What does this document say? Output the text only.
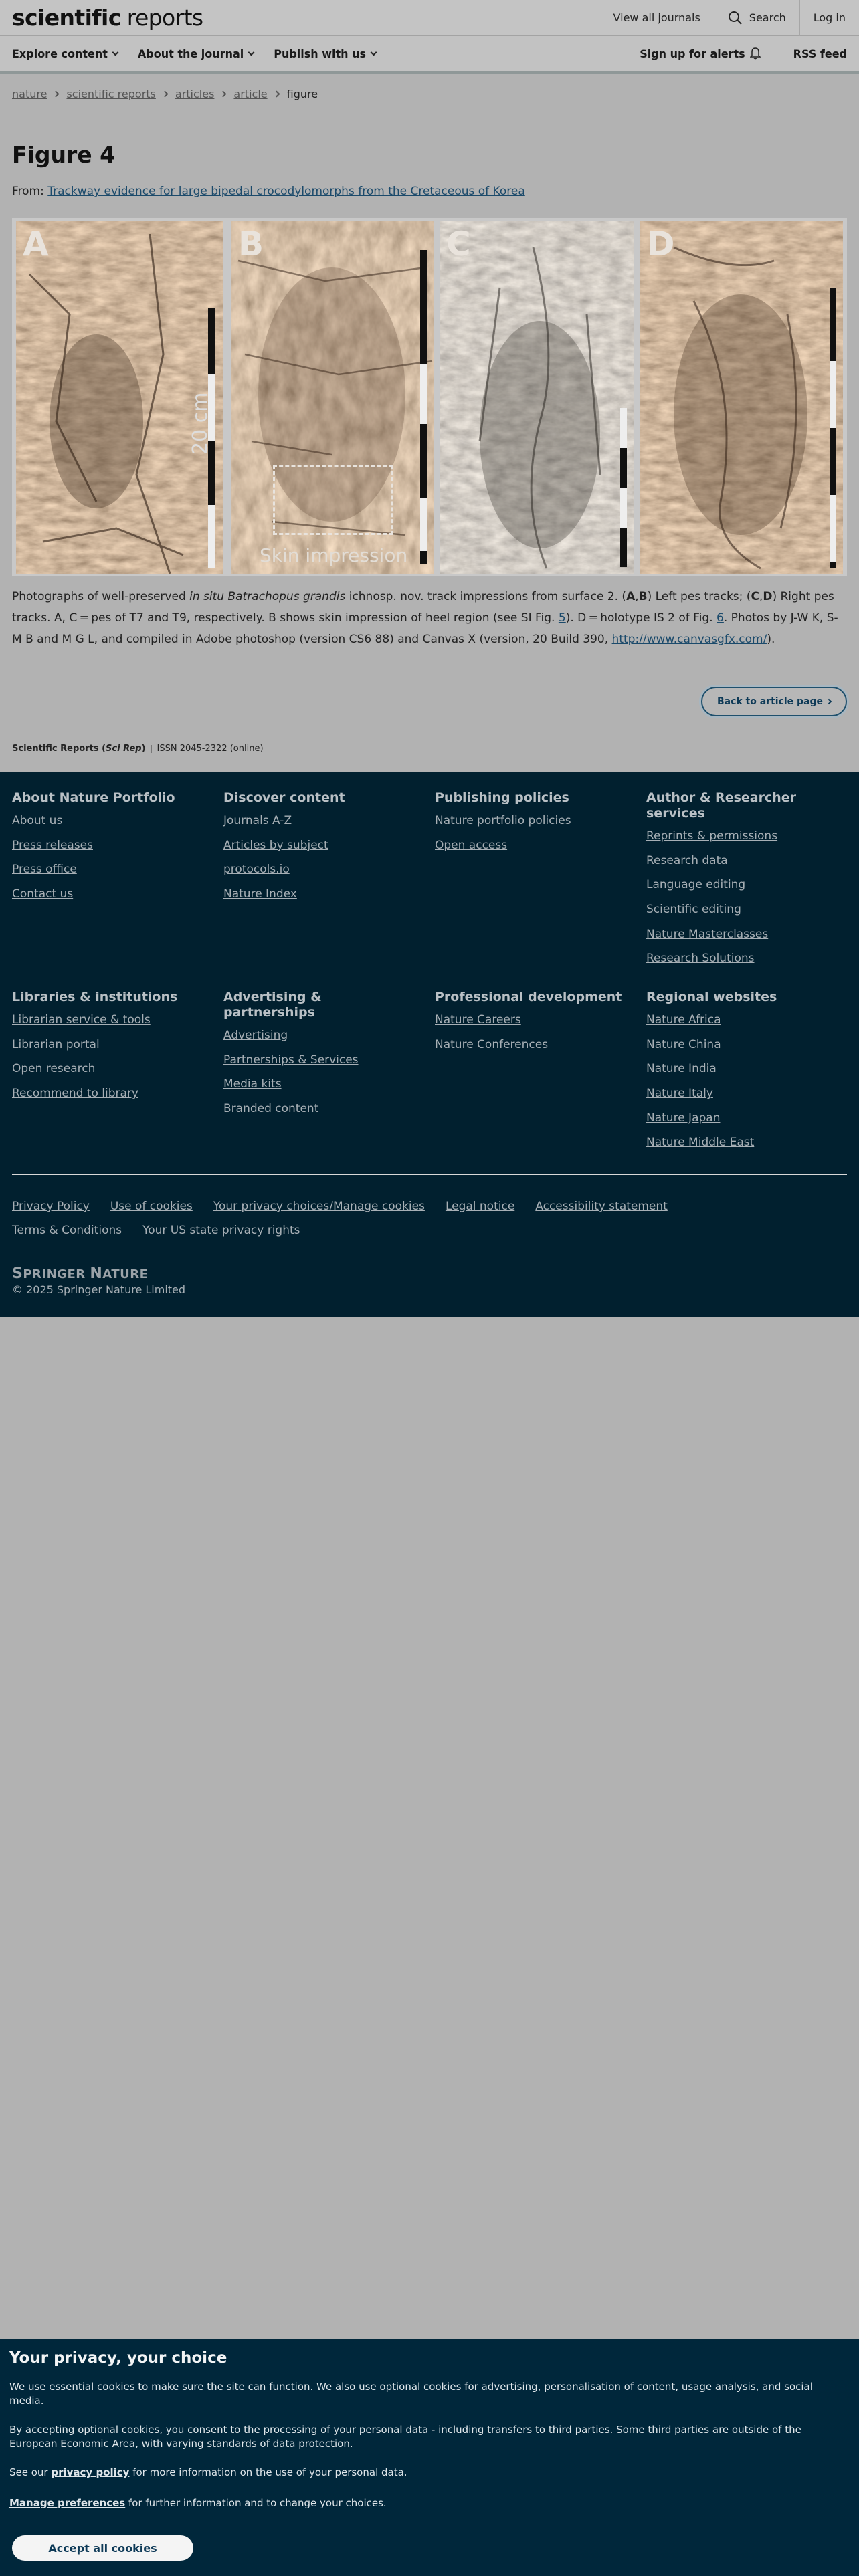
scientific reports	View all journals	Search	Log in
Explore content	About the journal	Publish with us	Sign up for alerts	RSS feed
nature scientific reports articles article figure
Figure 4
From: Trackway evidence for large bipedal crocodylomorphs from the Cretaceous of Korea
A
20 cm
B
Skin impression
C	D
Photographs of well-preserved in situ Batrachopus grandis ichnosp. nov. track impressions from surface 2. (A,B) Left pes tracks; (C,D) Right pes tracks. A, C = pes of T7 and T9, respectively. B shows skin impression of heel region (see SI Fig. 5). D = holotype IS 2 of Fig. 6. Photos by J-W K, S-M B and M G L, and compiled in Adobe photoshop (version CS6 88) and Canvas X (version, 20 Build 390, http://www.canvasgfx.com/).
Back to article page
Scientific Reports (Sci Rep) ISSN 2045-2322 (online)
About Nature Portfolio
About us
Press releases
Press office
Contact us
Discover content
Journals A-Z
Articles by subject
protocols.io
Nature Index
Publishing policies
Nature portfolio policies
Open access
Author & Researcher services
Reprints & permissions
Research data
Language editing
Scientific editing
Nature Masterclasses
Research Solutions
Libraries & institutions
Librarian service & tools
Librarian portal
Open research
Recommend to library
Advertising & partnerships
Advertising
Partnerships & Services
Media kits
Branded content
Professional development
Nature Careers
Nature Conferences
Regional websites
Nature Africa
Nature China
Nature India
Nature Italy
Nature Japan
Nature Middle East
Privacy Policy Use of cookies Your privacy choices/Manage cookies Legal notice Accessibility statement
Terms & Conditions Your US state privacy rights
SPRINGER NATURE
© 2025 Springer Nature Limited
Your privacy, your choice

We use essential cookies to make sure the site can function. We also use optional cookies for advertising, personalisation of content, usage analysis, and social media.

By accepting optional cookies, you consent to the processing of your personal data - including transfers to third parties. Some third parties are outside of the European Economic Area, with varying standards of data protection.

See our privacy policy for more information on the use of your personal data.

Manage preferences for further information and to change your choices.

Accept all cookies
